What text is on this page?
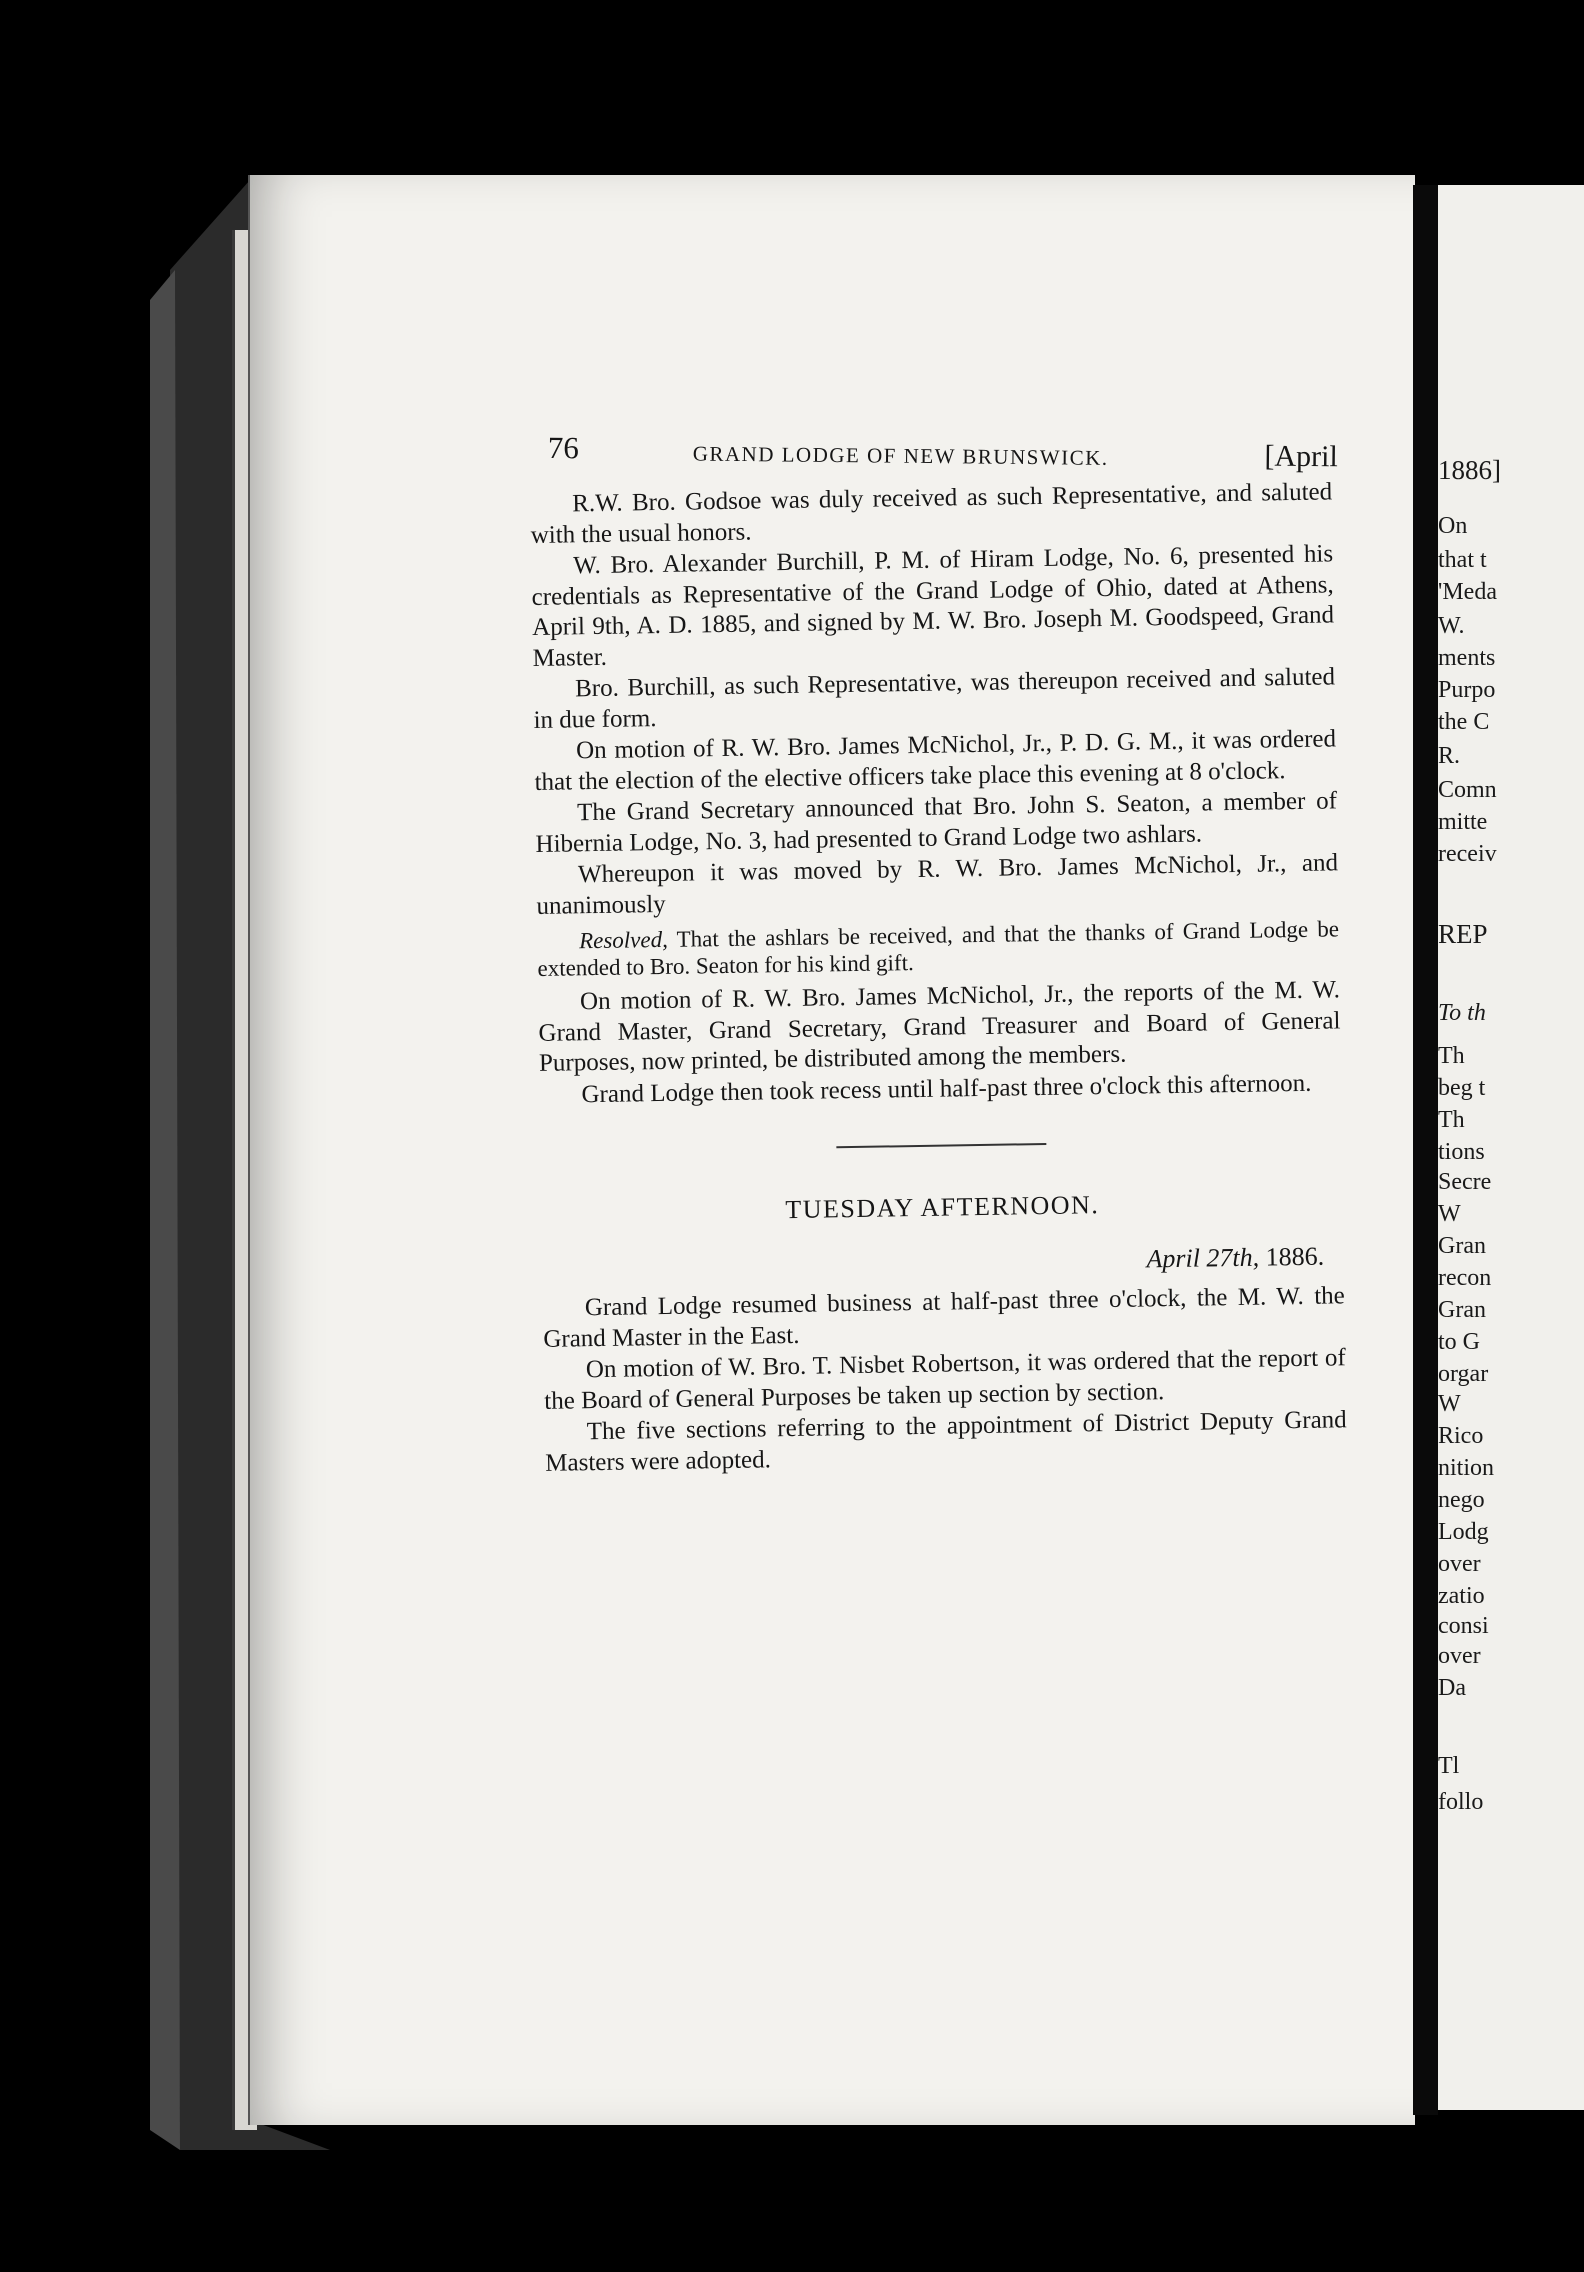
1886]
On
that t
'Meda
W.
ments
Purpo
the C
R.
Comn
mitte
receiv
REP
To th
Th
beg t
Th
tions
Secre
W
Gran
recon
Gran
to G
orgar
W
Rico
nition
nego
Lodg
over
zatio
consi
over
Da
Tl
follo
76	GRAND LODGE OF NEW BRUNSWICK.	[April

R.W. Bro. Godsoe was duly received as such Representative, and saluted with the usual honors.

W. Bro. Alexander Burchill, P. M. of Hiram Lodge, No. 6, presented his credentials as Representative of the Grand Lodge of Ohio, dated at Athens, April 9th, A. D. 1885, and signed by M. W. Bro. Joseph M. Goodspeed, Grand Master.

Bro. Burchill, as such Representative, was thereupon received and saluted in due form.

On motion of R. W. Bro. James McNichol, Jr., P. D. G. M., it was ordered that the election of the elective officers take place this evening at 8 o'clock.

The Grand Secretary announced that Bro. John S. Seaton, a member of Hibernia Lodge, No. 3, had presented to Grand Lodge two ashlars.

Whereupon it was moved by R. W. Bro. James McNichol, Jr., and unanimously

Resolved, That the ashlars be received, and that the thanks of Grand Lodge be extended to Bro. Seaton for his kind gift.

On motion of R. W. Bro. James McNichol, Jr., the reports of the M. W. Grand Master, Grand Secretary, Grand Treasurer and Board of General Purposes, now printed, be distributed among the members.

Grand Lodge then took recess until half-past three o'clock this afternoon.

TUESDAY AFTERNOON.
April 27th, 1886.

Grand Lodge resumed business at half-past three o'clock, the M. W. the Grand Master in the East.

On motion of W. Bro. T. Nisbet Robertson, it was ordered that the report of the Board of General Purposes be taken up section by section.

The five sections referring to the appointment of District Deputy Grand Masters were adopted.
